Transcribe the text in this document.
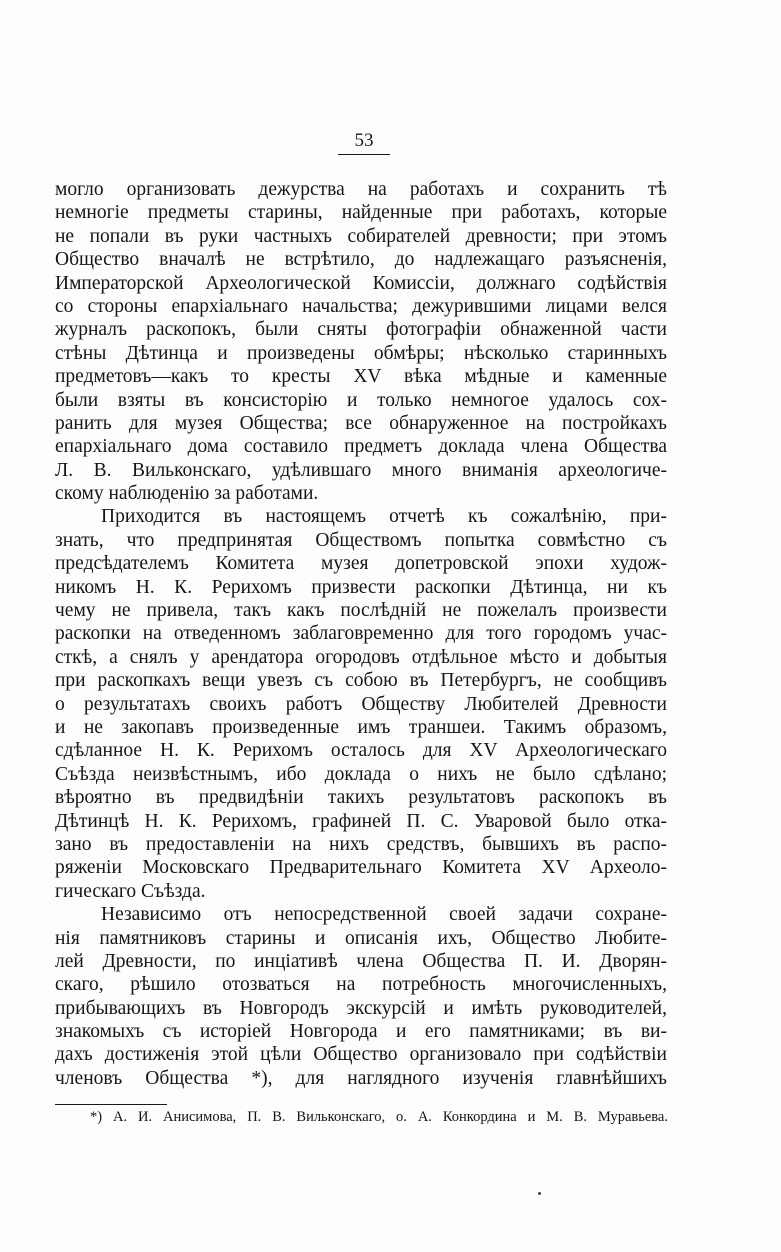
53

могло организовать дежурства на работахъ и сохранить тѣ
немногіе предметы старины, найденные при работахъ, которые
не попали въ руки частныхъ собирателей древности; при этомъ
Общество вначалѣ не встрѣтило, до надлежащаго разъясненія,
Императорской Археологической Комиссіи, должнаго содѣйствія
со стороны епархіальнаго начальства; дежурившими лицами велся
журналъ раскопокъ, были сняты фотографіи обнаженной части
стѣны Дѣтинца и произведены обмѣры; нѣсколько старинныхъ
предметовъ—какъ то кресты XV вѣка мѣдные и каменные
были взяты въ консисторію и только немногое удалось сох-
ранить для музея Общества; все обнаруженное на постройкахъ
епархіальнаго дома составило предметъ доклада члена Общества
Л. В. Вильконскаго, удѣлившаго много вниманія археологиче-
скому наблюденію за работами.

Приходится въ настоящемъ отчетѣ къ сожалѣнію, при-
знать, что предпринятая Обществомъ попытка совмѣстно съ
предсѣдателемъ Комитета музея допетровской эпохи худож-
никомъ Н. К. Рерихомъ призвести раскопки Дѣтинца, ни къ
чему не привела, такъ какъ послѣдній не пожелалъ произвести
раскопки на отведенномъ заблаговременно для того городомъ учас-
сткѣ, а снялъ у арендатора огородовъ отдѣльное мѣсто и добытыя
при раскопкахъ вещи увезъ съ собою въ Петербургъ, не сообщивъ
о результатахъ своихъ работъ Обществу Любителей Древности
и не закопавъ произведенные имъ траншеи. Такимъ образомъ,
сдѣланное Н. К. Рерихомъ осталось для XV Археологическаго
Съѣзда неизвѣстнымъ, ибо доклада о нихъ не было сдѣлано;
вѣроятно въ предвидѣніи такихъ результатовъ раскопокъ въ
Дѣтинцѣ Н. К. Рерихомъ, графиней П. С. Уваровой было отка-
зано въ предоставленіи на нихъ средствъ, бывшихъ въ распо-
ряженіи Московскаго Предварительнаго Комитета XV Археоло-
гическаго Съѣзда.

Независимо отъ непосредственной своей задачи сохране-
нія памятниковъ старины и описанія ихъ, Общество Любите-
лей Древности, по инціативѣ члена Общества П. И. Дворян-
скаго, рѣшило отозваться на потребность многочисленныхъ,
прибывающихъ въ Новгородъ экскурсій и имѣть руководителей,
знакомыхъ съ исторіей Новгорода и его памятниками; въ ви-
дахъ достиженія этой цѣли Общество организовало при содѣйствіи
членовъ Общества *), для наглядного изученія главнѣйшихъ

*) А. И. Анисимова, П. В. Вильконскаго, о. А. Конкордина и М. В. Муравьева.
